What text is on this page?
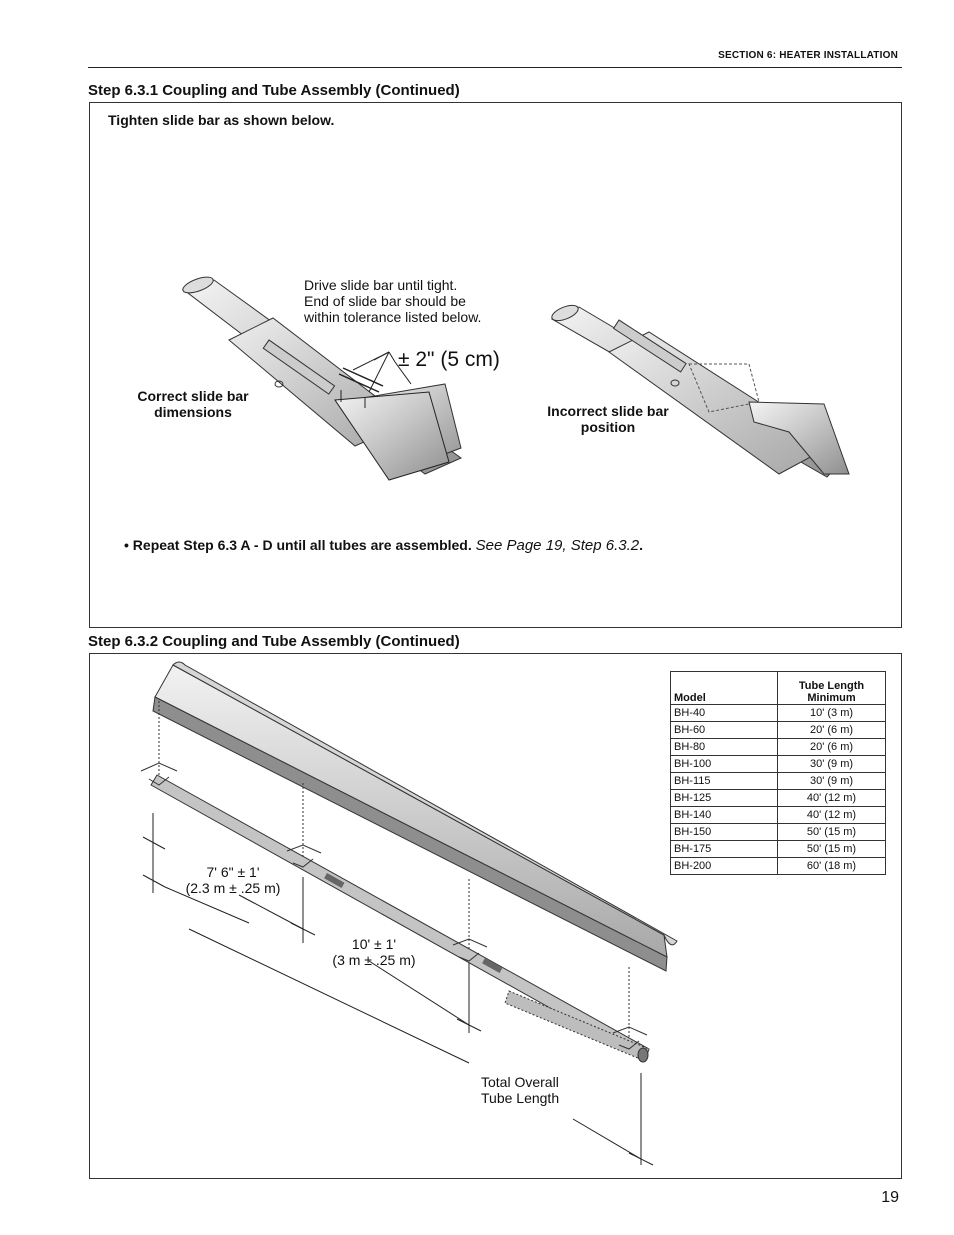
SECTION 6: HEATER INSTALLATION
Step 6.3.1 Coupling and Tube Assembly (Continued)
Tighten slide bar as shown below.
Drive slide bar until tight.
End of slide bar should be
within tolerance listed below.
± 2" (5 cm)
Correct slide bar
dimensions	Incorrect slide bar
position
• Repeat Step 6.3 A - D until all tubes are assembled. See Page 19, Step 6.3.2.
Step 6.3.2 Coupling and Tube Assembly (Continued)
7' 6" ± 1'
(2.3 m ± .25 m)
10' ± 1'
(3 m ± .25 m)
Total Overall
Tube Length
Model	Tube Length
Minimum

BH-40	10' (3 m)
BH-60	20' (6 m)
BH-80	20' (6 m)
BH-100	30' (9 m)
BH-115	30' (9 m)
BH-125	40' (12 m)
BH-140	40' (12 m)
BH-150	50' (15 m)
BH-175	50' (15 m)
BH-200	60' (18 m)
19
